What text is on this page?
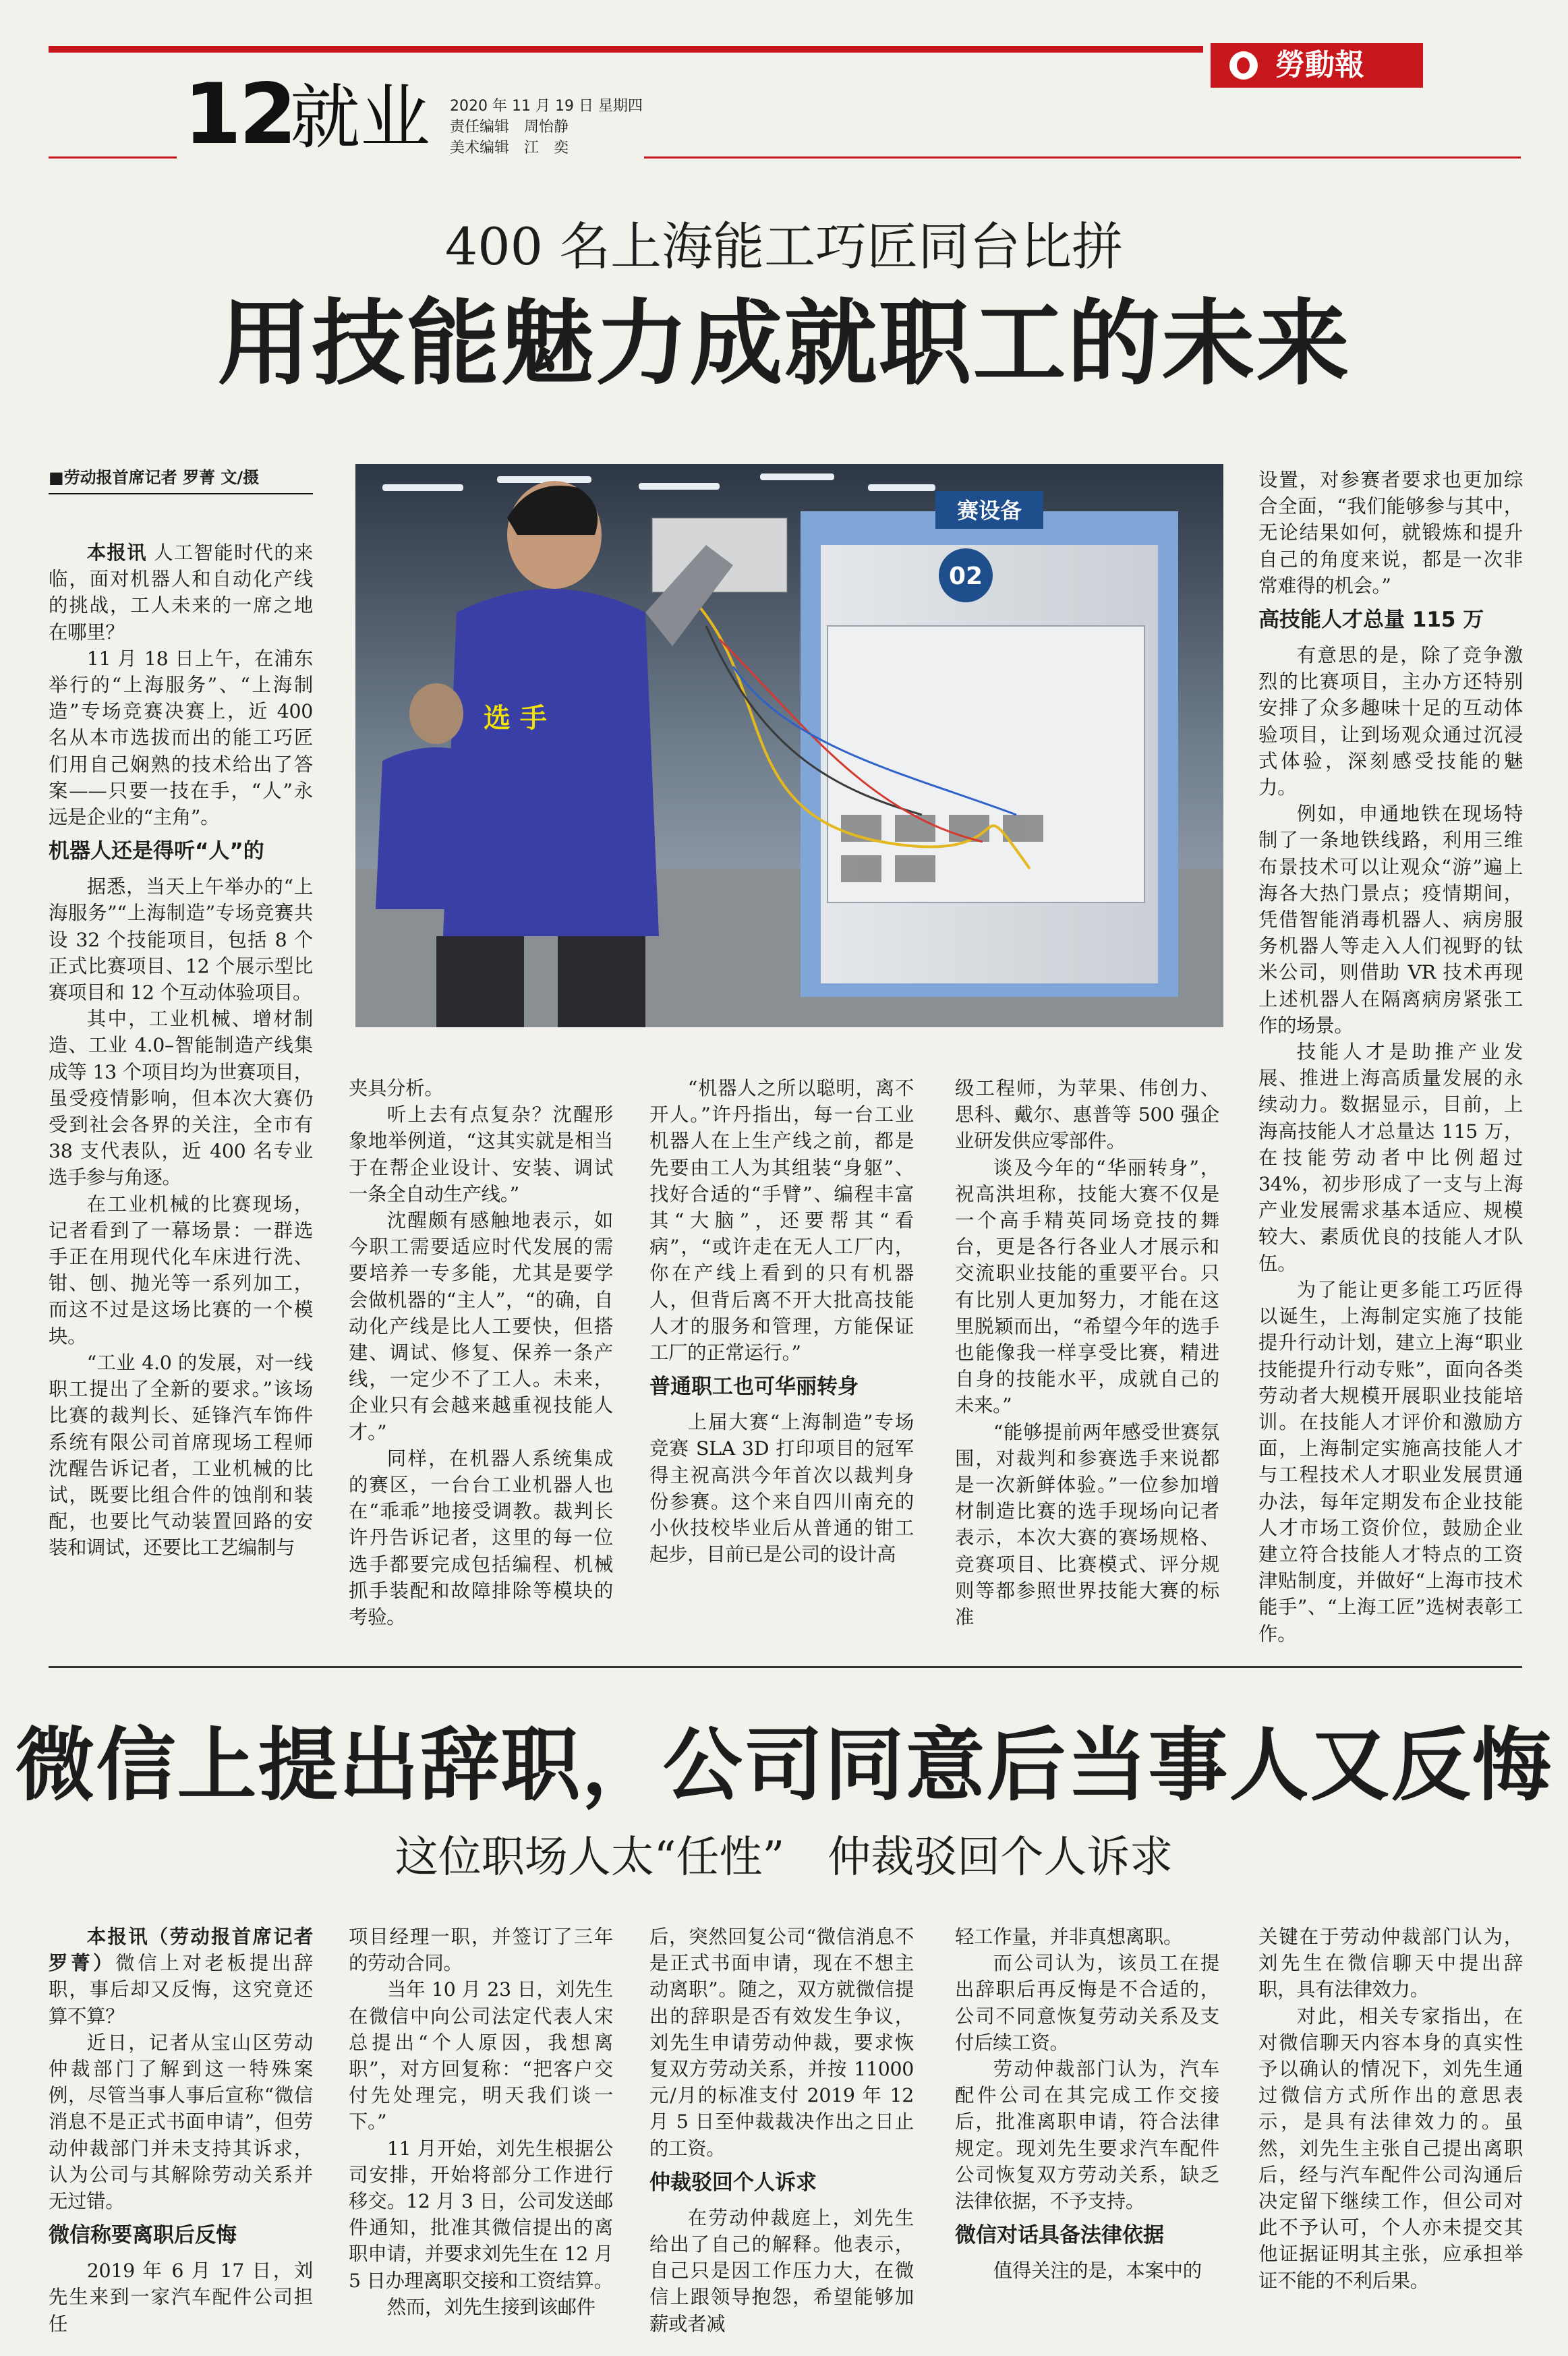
12
就业 2020 年 11 月 19 日 星期四
责任编辑　周怡静
美术编辑　江　奕
勞動報
400 名上海能工巧匠同台比拼
用技能魅力成就职工的未来
■劳动报首席记者 罗菁 文/摄
赛设备
02
选 手

本报讯 人工智能时代的来临，面对机器人和自动化产线的挑战，工人未来的一席之地在哪里？

11 月 18 日上午，在浦东举行的“上海服务”、“上海制造”专场竞赛决赛上，近 400 名从本市选拔而出的能工巧匠们用自己娴熟的技术给出了答案——只要一技在手，“人”永远是企业的“主角”。

机器人还是得听“人”的

据悉，当天上午举办的“上海服务”“上海制造”专场竞赛共设 32 个技能项目，包括 8 个正式比赛项目、12 个展示型比赛项目和 12 个互动体验项目。

其中，工业机械、增材制造、工业 4.0–智能制造产线集成等 13 个项目均为世赛项目，虽受疫情影响，但本次大赛仍受到社会各界的关注，全市有 38 支代表队，近 400 名专业选手参与角逐。

在工业机械的比赛现场，记者看到了一幕场景：一群选手正在用现代化车床进行洗、钳、刨、抛光等一系列加工，而这不过是这场比赛的一个模块。

“工业 4.0 的发展，对一线职工提出了全新的要求。”该场比赛的裁判长、延锋汽车饰件系统有限公司首席现场工程师沈醒告诉记者，工业机械的比试，既要比组合件的蚀削和装配，也要比气动装置回路的安装和调试，还要比工艺编制与

夹具分析。

听上去有点复杂？沈醒形象地举例道，“这其实就是相当于在帮企业设计、安装、调试一条全自动生产线。”

沈醒颇有感触地表示，如今职工需要适应时代发展的需要培养一专多能，尤其是要学会做机器的“主人”，“的确，自动化产线是比人工要快，但搭建、调试、修复、保养一条产线，一定少不了工人。未来，企业只有会越来越重视技能人才。”

同样，在机器人系统集成的赛区，一台台工业机器人也在“乖乖”地接受调教。裁判长许丹告诉记者，这里的每一位选手都要完成包括编程、机械抓手装配和故障排除等模块的考验。

“机器人之所以聪明，离不开人。”许丹指出，每一台工业机器人在上生产线之前，都是先要由工人为其组装“身躯”、找好合适的“手臂”、编程丰富其“大脑”，还要帮其“看病”，“或许走在无人工厂内，你在产线上看到的只有机器人，但背后离不开大批高技能人才的服务和管理，方能保证工厂的正常运行。”

普通职工也可华丽转身

上届大赛“上海制造”专场竞赛 SLA 3D 打印项目的冠军得主祝高洪今年首次以裁判身份参赛。这个来自四川南充的小伙技校毕业后从普通的钳工起步，目前已是公司的设计高

级工程师，为苹果、伟创力、思科、戴尔、惠普等 500 强企业研发供应零部件。

谈及今年的“华丽转身”，祝高洪坦称，技能大赛不仅是一个高手精英同场竞技的舞台，更是各行各业人才展示和交流职业技能的重要平台。只有比别人更加努力，才能在这里脱颖而出，“希望今年的选手也能像我一样享受比赛，精进自身的技能水平，成就自己的未来。”

“能够提前两年感受世赛氛围，对裁判和参赛选手来说都是一次新鲜体验。”一位参加增材制造比赛的选手现场向记者表示，本次大赛的赛场规格、竞赛项目、比赛模式、评分规则等都参照世界技能大赛的标准

设置，对参赛者要求也更加综合全面，“我们能够参与其中，无论结果如何，就锻炼和提升自己的角度来说，都是一次非常难得的机会。”

高技能人才总量 115 万

有意思的是，除了竞争激烈的比赛项目，主办方还特别安排了众多趣味十足的互动体验项目，让到场观众通过沉浸式体验，深刻感受技能的魅力。

例如，申通地铁在现场特制了一条地铁线路，利用三维布景技术可以让观众“游”遍上海各大热门景点；疫情期间，凭借智能消毒机器人、病房服务机器人等走入人们视野的钛米公司，则借助 VR 技术再现上述机器人在隔离病房紧张工作的场景。

技能人才是助推产业发展、推进上海高质量发展的永续动力。数据显示，目前，上海高技能人才总量达 115 万，在技能劳动者中比例超过 34%，初步形成了一支与上海产业发展需求基本适应、规模较大、素质优良的技能人才队伍。

为了能让更多能工巧匠得以诞生，上海制定实施了技能提升行动计划，建立上海“职业技能提升行动专账”，面向各类劳动者大规模开展职业技能培训。在技能人才评价和激励方面，上海制定实施高技能人才与工程技术人才职业发展贯通办法，每年定期发布企业技能人才市场工资价位，鼓励企业建立符合技能人才特点的工资津贴制度，并做好“上海市技术能手”、“上海工匠”选树表彰工作。

微信上提出辞职，公司同意后当事人又反悔
这位职场人太“任性”　仲裁驳回个人诉求

本报讯（劳动报首席记者罗菁）微信上对老板提出辞职，事后却又反悔，这究竟还算不算？

近日，记者从宝山区劳动仲裁部门了解到这一特殊案例，尽管当事人事后宣称“微信消息不是正式书面申请”，但劳动仲裁部门并未支持其诉求，认为公司与其解除劳动关系并无过错。

微信称要离职后反悔

2019 年 6 月 17 日，刘先生来到一家汽车配件公司担任

项目经理一职，并签订了三年的劳动合同。

当年 10 月 23 日，刘先生在微信中向公司法定代表人宋总提出“个人原因，我想离职”，对方回复称：“把客户交付先处理完，明天我们谈一下。”

11 月开始，刘先生根据公司安排，开始将部分工作进行移交。12 月 3 日，公司发送邮件通知，批准其微信提出的离职申请，并要求刘先生在 12 月 5 日办理离职交接和工资结算。

然而，刘先生接到该邮件

后，突然回复公司“微信消息不是正式书面申请，现在不想主动离职”。随之，双方就微信提出的辞职是否有效发生争议，刘先生申请劳动仲裁，要求恢复双方劳动关系，并按 11000 元/月的标准支付 2019 年 12 月 5 日至仲裁裁决作出之日止的工资。

仲裁驳回个人诉求

在劳动仲裁庭上，刘先生给出了自己的解释。他表示，自己只是因工作压力大，在微信上跟领导抱怨，希望能够加薪或者减

轻工作量，并非真想离职。

而公司认为，该员工在提出辞职后再反悔是不合适的，公司不同意恢复劳动关系及支付后续工资。

劳动仲裁部门认为，汽车配件公司在其完成工作交接后，批准离职申请，符合法律规定。现刘先生要求汽车配件公司恢复双方劳动关系，缺乏法律依据，不予支持。

微信对话具备法律依据

值得关注的是，本案中的

关键在于劳动仲裁部门认为，刘先生在微信聊天中提出辞职，具有法律效力。

对此，相关专家指出，在对微信聊天内容本身的真实性予以确认的情况下，刘先生通过微信方式所作出的意思表示，是具有法律效力的。虽然，刘先生主张自己提出离职后，经与汽车配件公司沟通后决定留下继续工作，但公司对此不予认可，个人亦未提交其他证据证明其主张，应承担举证不能的不利后果。
